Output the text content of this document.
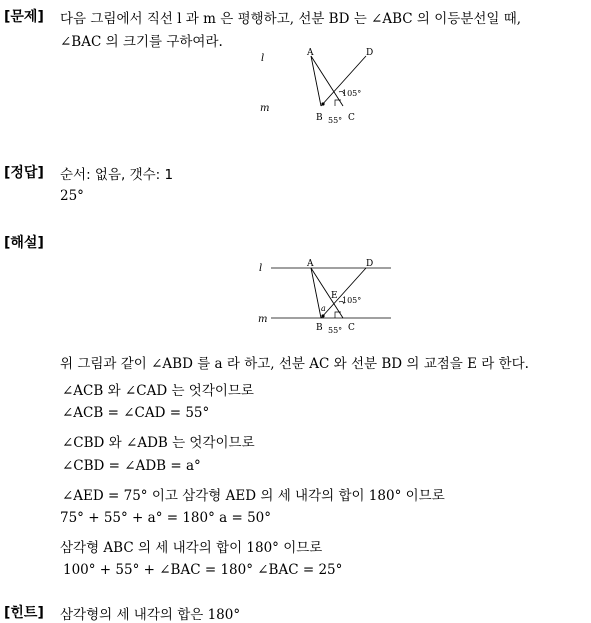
[문제] 다음 그림에서 직선 l 과 m 은 평행하고, 선분 BD 는 ∠ABC 의 이등분선일 때,
∠BAC 의 크기를 구하여라.
l
m
A	D
B	C
105°
55°
[정답] 순서: 없음, 갯수: 1
25°
[해설]
l
m
A	D
E
a
B	C
105°
55°
위 그림과 같이 ∠ABD 를 a 라 하고, 선분 AC 와 선분 BD 의 교점을 E 라 한다.
∠ACB 와 ∠CAD 는 엇각이므로
∠ACB = ∠CAD = 55°
∠CBD 와 ∠ADB 는 엇각이므로
∠CBD = ∠ADB = a°
∠AED = 75° 이고 삼각형 AED 의 세 내각의 합이 180° 이므로
75° + 55° + a° = 180° a = 50°
삼각형 ABC 의 세 내각의 합이 180° 이므로
100° + 55° + ∠BAC = 180° ∠BAC = 25°
[힌트] 삼각형의 세 내각의 합은 180°
